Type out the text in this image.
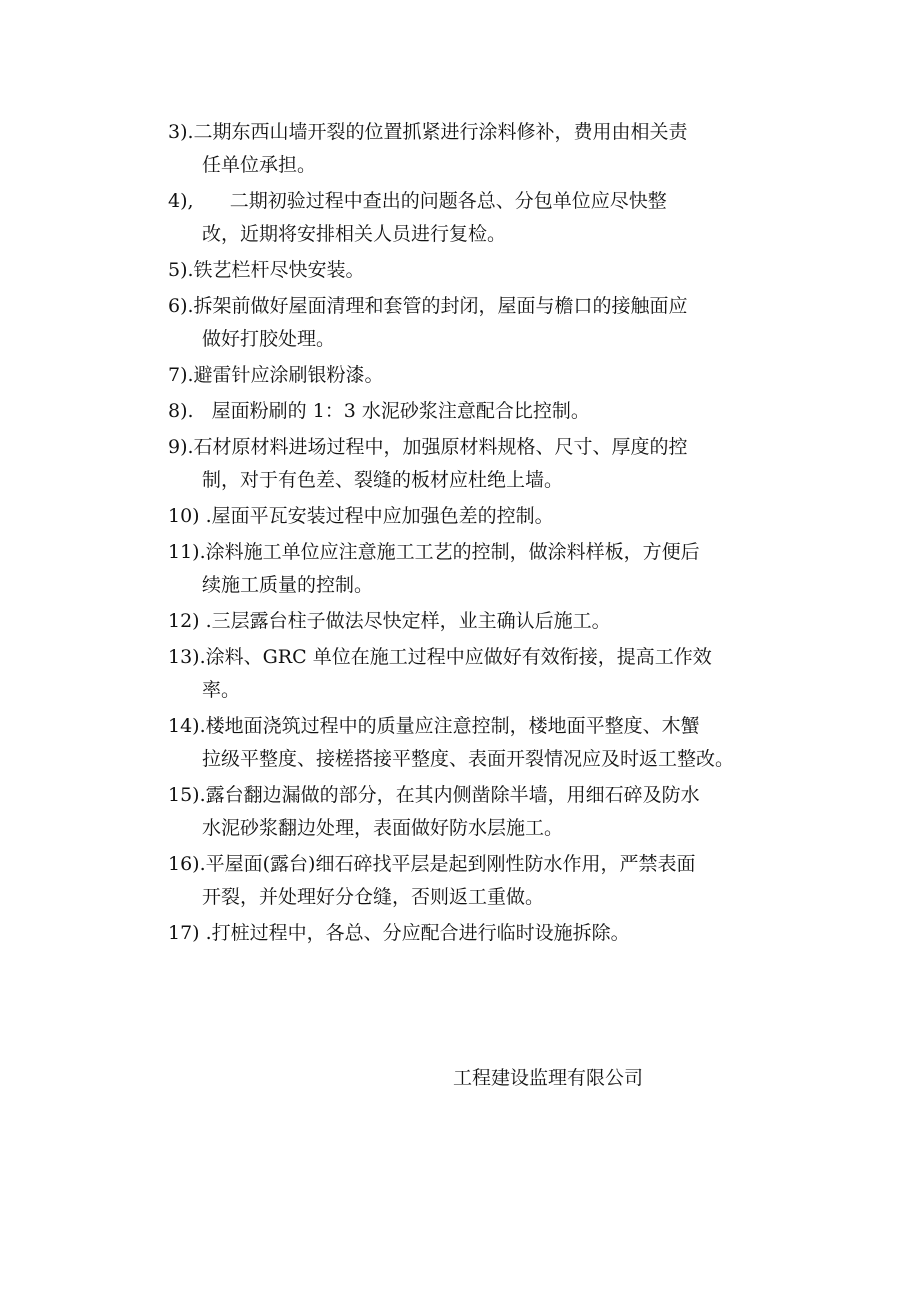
3).二期东西山墙开裂的位置抓紧进行涂料修补，费用由相关责
任单位承担。
4),      二期初验过程中查出的问题各总、分包单位应尽快整
改，近期将安排相关人员进行复检。
5).铁艺栏杆尽快安装。
6).拆架前做好屋面清理和套管的封闭，屋面与檐口的接触面应
做好打胶处理。
7).避雷针应涂刷银粉漆。
8).   屋面粉刷的 1：3 水泥砂浆注意配合比控制。
9).石材原材料进场过程中，加强原材料规格、尺寸、厚度的控
制，对于有色差、裂缝的板材应杜绝上墙。
10) .屋面平瓦安装过程中应加强色差的控制。
11).涂料施工单位应注意施工工艺的控制，做涂料样板，方便后
续施工质量的控制。
12) .三层露台柱子做法尽快定样，业主确认后施工。
13).涂料、GRC 单位在施工过程中应做好有效衔接，提高工作效
率。
14).楼地面浇筑过程中的质量应注意控制，楼地面平整度、木蟹
拉级平整度、接槎搭接平整度、表面开裂情况应及时返工整改。
15).露台翻边漏做的部分，在其内侧凿除半墙，用细石碎及防水
水泥砂浆翻边处理，表面做好防水层施工。
16).平屋面(露台)细石碎找平层是起到刚性防水作用，严禁表面
开裂，并处理好分仓缝，否则返工重做。
17) .打桩过程中，各总、分应配合进行临时设施拆除。
工程建设监理有限公司
